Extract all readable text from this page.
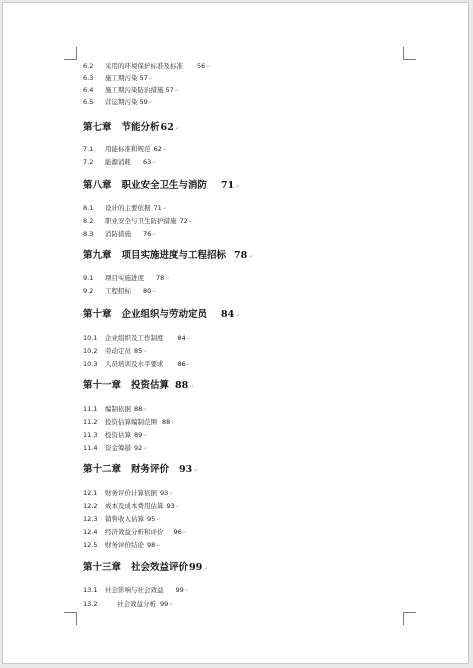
6.2 采用的环境保护标准及标准 56↵
6.3 施工期污染 57↵
6.4 施工期污染防治措施 57↵
6.5 营运期污染 59↵
第七章 节能分析62↵
7.1 用能标准和规范 62↵
7.2 能源消耗 63↵
第八章 职业安全卫生与消防 71↵
8.1 设计的主要依据 71↵
8.2 职业安全与卫生防护措施 72↵
8.3 消防措施 76↵
第九章 项目实施进度与工程招标 78↵
9.1 项目实施进度 78↵
9.2 工程招标 80↵
第十章 企业组织与劳动定员 84↵
10.1 企业组织及工作制度 84↵
10.2 劳动定员 85↵
10.3 人员培训及水平要求 86↵
第十一章 投资估算 88↵
11.1 编制依据 88↵
11.2 投资估算编制范围 88↵
11.3 投资估算 89↵
11.4 资金筹措 92↵
第十二章 财务评价 93↵
12.1 财务评价计算依据 93↵
12.2 成本及成本费用估算 93↵
12.3 销售收入估算 95↵
12.4 经济效益分析和评价 96↵
12.5 财务评价结论 98↵
第十三章 社会效益评价99↵
13.1 社会影响与社会效益 99↵
13.2	社会效益分析 99↵
